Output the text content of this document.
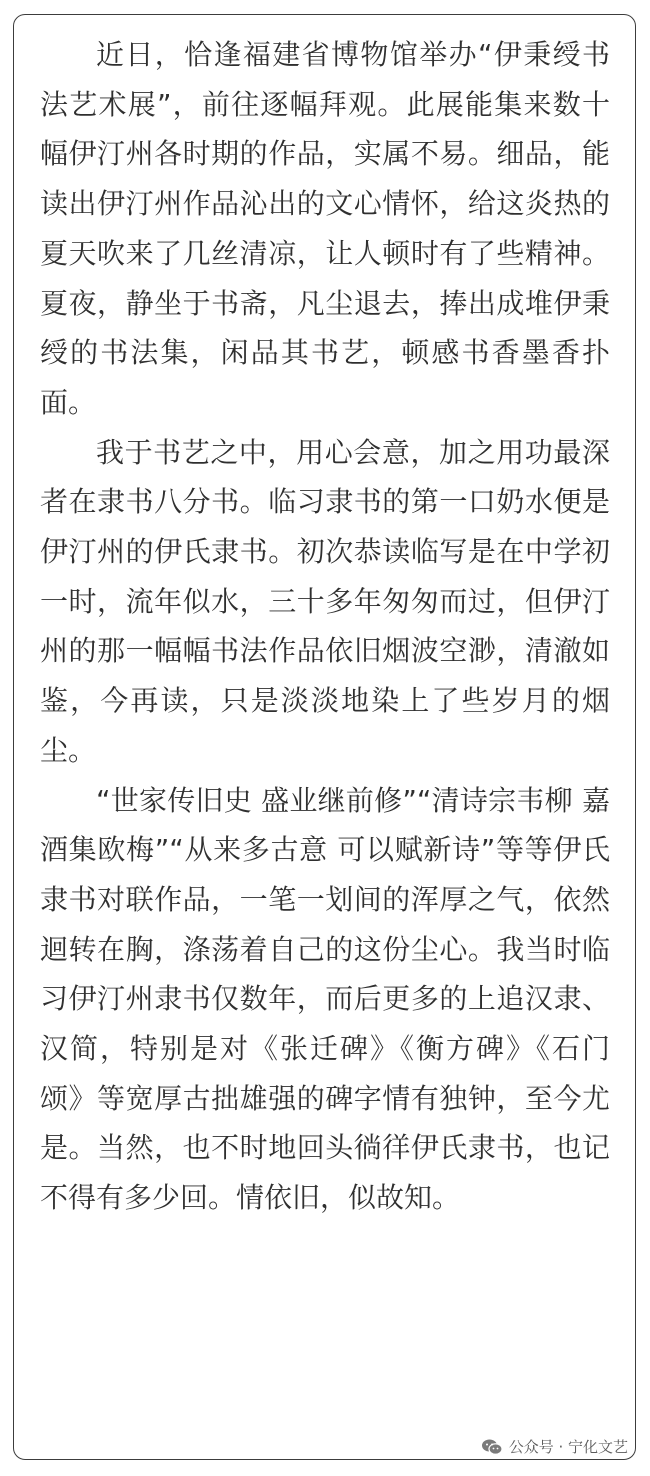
近日，恰逢福建省博物馆举办“伊秉绶书法艺术展”，前往逐幅拜观。此展能集来数十幅伊汀州各时期的作品，实属不易。细品，能读出伊汀州作品沁出的文心情怀，给这炎热的夏天吹来了几丝清凉，让人顿时有了些精神。夏夜，静坐于书斋，凡尘退去，捧出成堆伊秉绶的书法集，闲品其书艺，顿感书香墨香扑面。

我于书艺之中，用心会意，加之用功最深者在隶书八分书。临习隶书的第一口奶水便是伊汀州的伊氏隶书。初次恭读临写是在中学初一时，流年似水，三十多年匆匆而过，但伊汀州的那一幅幅书法作品依旧烟波空渺，清澈如鉴，今再读，只是淡淡地染上了些岁月的烟尘。

“世家传旧史 盛业继前修”“清诗宗韦柳 嘉酒集欧梅”“从来多古意 可以赋新诗”等等伊氏隶书对联作品，一笔一划间的浑厚之气，依然迴转在胸，涤荡着自己的这份尘心。我当时临习伊汀州隶书仅数年，而后更多的上追汉隶、汉简，特别是对《张迁碑》《衡方碑》《石门颂》等宽厚古拙雄强的碑字情有独钟，至今尤是。当然，也不时地回头徜徉伊氏隶书，也记不得有多少回。情依旧，似故知。

公众号 · 宁化文艺
